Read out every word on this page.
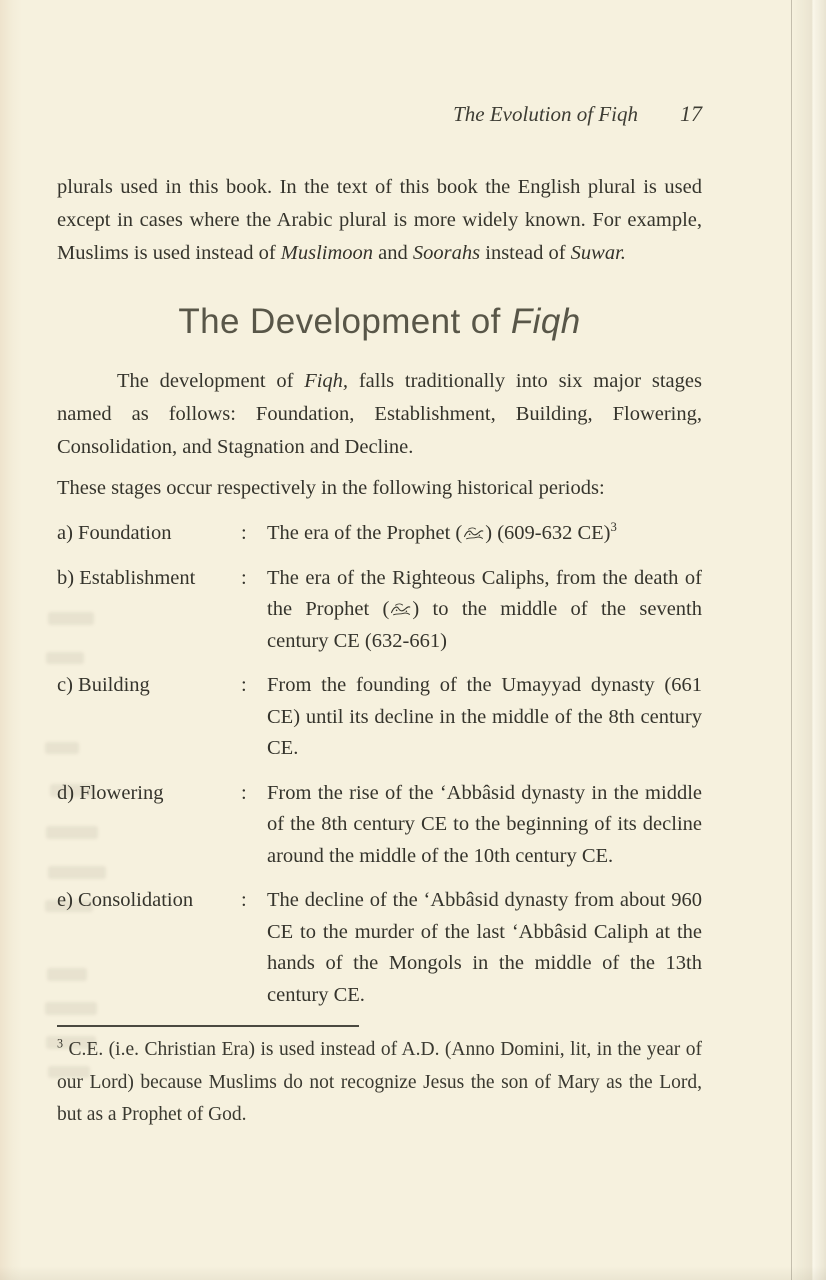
The Evolution of Fiqh 17

plurals used in this book. In the text of this book the English plural is used except in cases where the Arabic plural is more widely known. For example, Muslims is used instead of Muslimoon and Soorahs instead of Suwar.

The Development of Fiqh

The development of Fiqh, falls traditionally into six major stages named as follows: Foundation, Establishment, Building, Flowering, Consolidation, and Stagnation and Decline.

These stages occur respectively in the following historical periods:

a) Foundation	: The era of the Prophet ( ) (609-632 CE)$^3$
b) Establishment	: The era of the Righteous Caliphs, from the death of the Prophet ( ) to the middle of the seventh century CE (632-661)
c) Building	: From the founding of the Umayyad dynasty (661 CE) until its decline in the middle of the 8th century CE.
d) Flowering	: From the rise of the ‘Abbâsid dynasty in the middle of the 8th century CE to the beginning of its decline around the middle of the 10th century CE.
e) Consolidation	: The decline of the ‘Abbâsid dynasty from about 960 CE to the murder of the last ‘Abbâsid Caliph at the hands of the Mongols in the middle of the 13th century CE.

$^3$ C.E. (i.e. Christian Era) is used instead of A.D. (Anno Domini, lit, in the year of our Lord) because Muslims do not recognize Jesus the son of Mary as the Lord, but as a Prophet of God.
